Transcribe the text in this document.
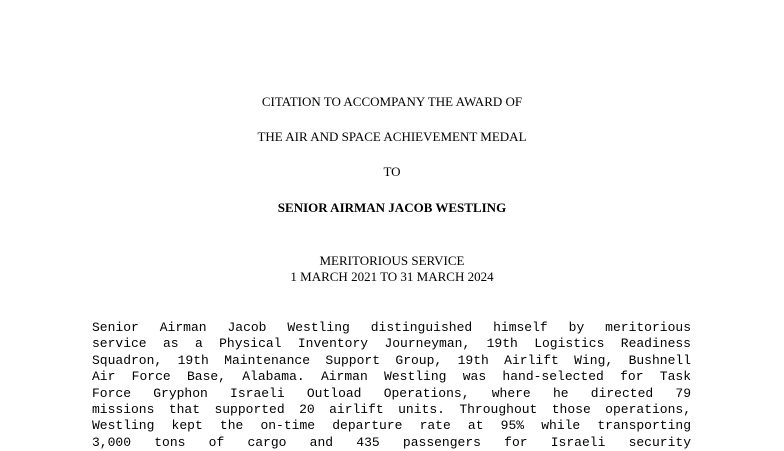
CITATION TO ACCOMPANY THE AWARD OF
THE AIR AND SPACE ACHIEVEMENT MEDAL
TO
SENIOR AIRMAN JACOB WESTLING
MERITORIOUS SERVICE
1 MARCH 2021 TO 31 MARCH 2024
Senior Airman Jacob Westling distinguished himself by meritorious
service as a Physical Inventory Journeyman, 19th Logistics Readiness
Squadron, 19th Maintenance Support Group, 19th Airlift Wing, Bushnell
Air Force Base, Alabama. Airman Westling was hand-selected for Task
Force Gryphon Israeli Outload Operations, where he directed 79
missions that supported 20 airlift units. Throughout those operations,
Westling kept the on-time departure rate at 95% while transporting
3,000 tons of cargo and 435 passengers for Israeli security
